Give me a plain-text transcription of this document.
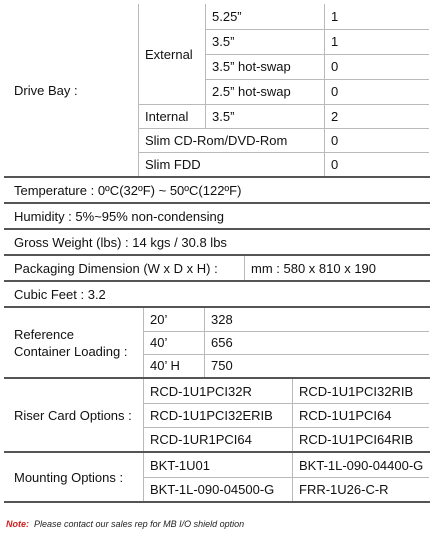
Drive Bay :
External
5.25”	1
3.5”	1
3.5” hot-swap	0
2.5” hot-swap	0
Internal	3.5”	2
Slim CD-Rom/DVD-Rom	0
Slim FDD	0
Temperature :
0ºC(32ºF) ~ 50ºC(122ºF)
Humidity :
5%~95% non-condensing
Gross Weight (lbs) :
14 kgs / 30.8 lbs
Packaging Dimension (W x D x H) :	mm : 580 x 810 x 190
Cubic Feet :
3.2
Reference
Container Loading :
20’	328
40’	656
40’ H	750
Riser Card Options :
RCD-1U1PCI32R	RCD-1U1PCI32RIB
RCD-1U1PCI32ERIB	RCD-1U1PCI64
RCD-1UR1PCI64	RCD-1U1PCI64RIB
Mounting Options :
BKT-1U01	BKT-1L-090-04400-G
BKT-1L-090-04500-G	FRR-1U26-C-R
Note: Please contact our sales rep for MB I/O shield option
